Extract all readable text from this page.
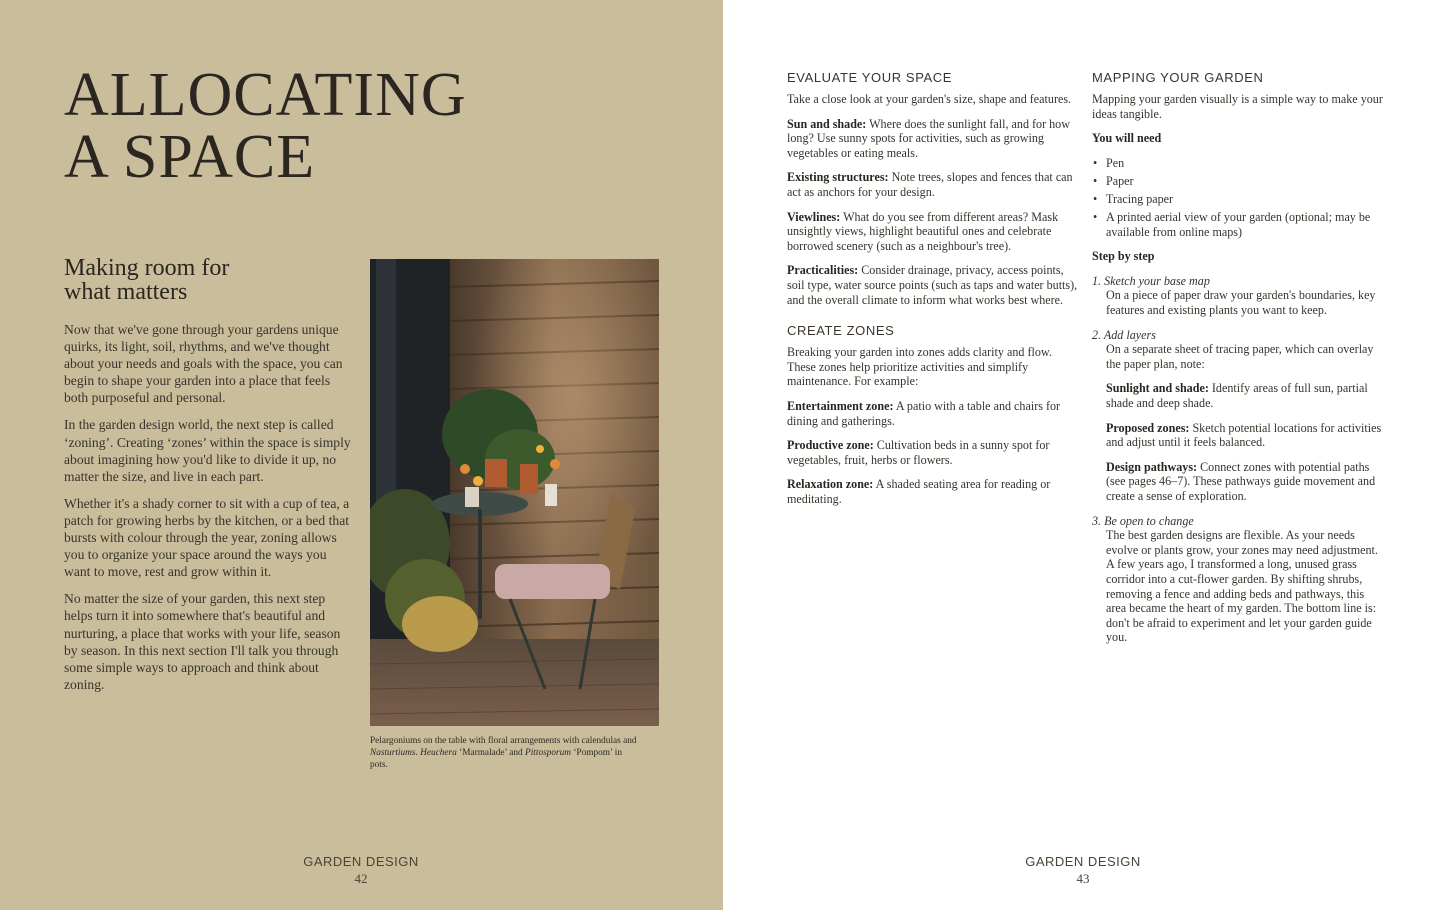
ALLOCATING
A SPACE
Making room for
what matters

Now that we've gone through your gardens unique quirks, its light, soil, rhythms, and we've thought about your needs and goals with the space, you can begin to shape your garden into a place that feels both purposeful and personal.

In the garden design world, the next step is called ‘zoning’. Creating ‘zones’ within the space is simply about imagining how you'd like to divide it up, no matter the size, and live in each part.

Whether it's a shady corner to sit with a cup of tea, a patch for growing herbs by the kitchen, or a bed that bursts with colour through the year, zoning allows you to organize your space around the ways you want to move, rest and grow within it.

No matter the size of your garden, this next step helps turn it into somewhere that's beautiful and nurturing, a place that works with your life, season by season. In this next section I'll talk you through some simple ways to approach and think about zoning.

Pelargoniums on the table with floral arrangements with calendulas and Nasturtiums. Heuchera ‘Marmalade’ and Pittosporum ‘Pompom’ in pots.

GARDEN DESIGN
42
EVALUATE YOUR SPACE

Take a close look at your garden's size, shape and features.

Sun and shade: Where does the sunlight fall, and for how long? Use sunny spots for activities, such as growing vegetables or eating meals.

Existing structures: Note trees, slopes and fences that can act as anchors for your design.

Viewlines: What do you see from different areas? Mask unsightly views, highlight beautiful ones and celebrate borrowed scenery (such as a neighbour's tree).

Practicalities: Consider drainage, privacy, access points, soil type, water source points (such as taps and water butts), and the overall climate to inform what works best where.

CREATE ZONES

Breaking your garden into zones adds clarity and flow. These zones help prioritize activities and simplify maintenance. For example:

Entertainment zone: A patio with a table and chairs for dining and gatherings.

Productive zone: Cultivation beds in a sunny spot for vegetables, fruit, herbs or flowers.

Relaxation zone: A shaded seating area for reading or meditating.

MAPPING YOUR GARDEN

Mapping your garden visually is a simple way to make your ideas tangible.

You will need
• Pen
• Paper
• Tracing paper
• A printed aerial view of your garden (optional; may be available from online maps)
Step by step
1. Sketch your base map
On a piece of paper draw your garden's boundaries, key features and existing plants you want to keep.
2. Add layers
On a separate sheet of tracing paper, which can overlay the paper plan, note:
Sunlight and shade: Identify areas of full sun, partial shade and deep shade.
Proposed zones: Sketch potential locations for activities and adjust until it feels balanced.
Design pathways: Connect zones with potential paths (see pages 46–7). These pathways guide movement and create a sense of exploration.
3. Be open to change
The best garden designs are flexible. As your needs evolve or plants grow, your zones may need adjustment. A few years ago, I transformed a long, unused grass corridor into a cut-flower garden. By shifting shrubs, removing a fence and adding beds and pathways, this area became the heart of my garden. The bottom line is: don't be afraid to experiment and let your garden guide you.
GARDEN DESIGN
43
